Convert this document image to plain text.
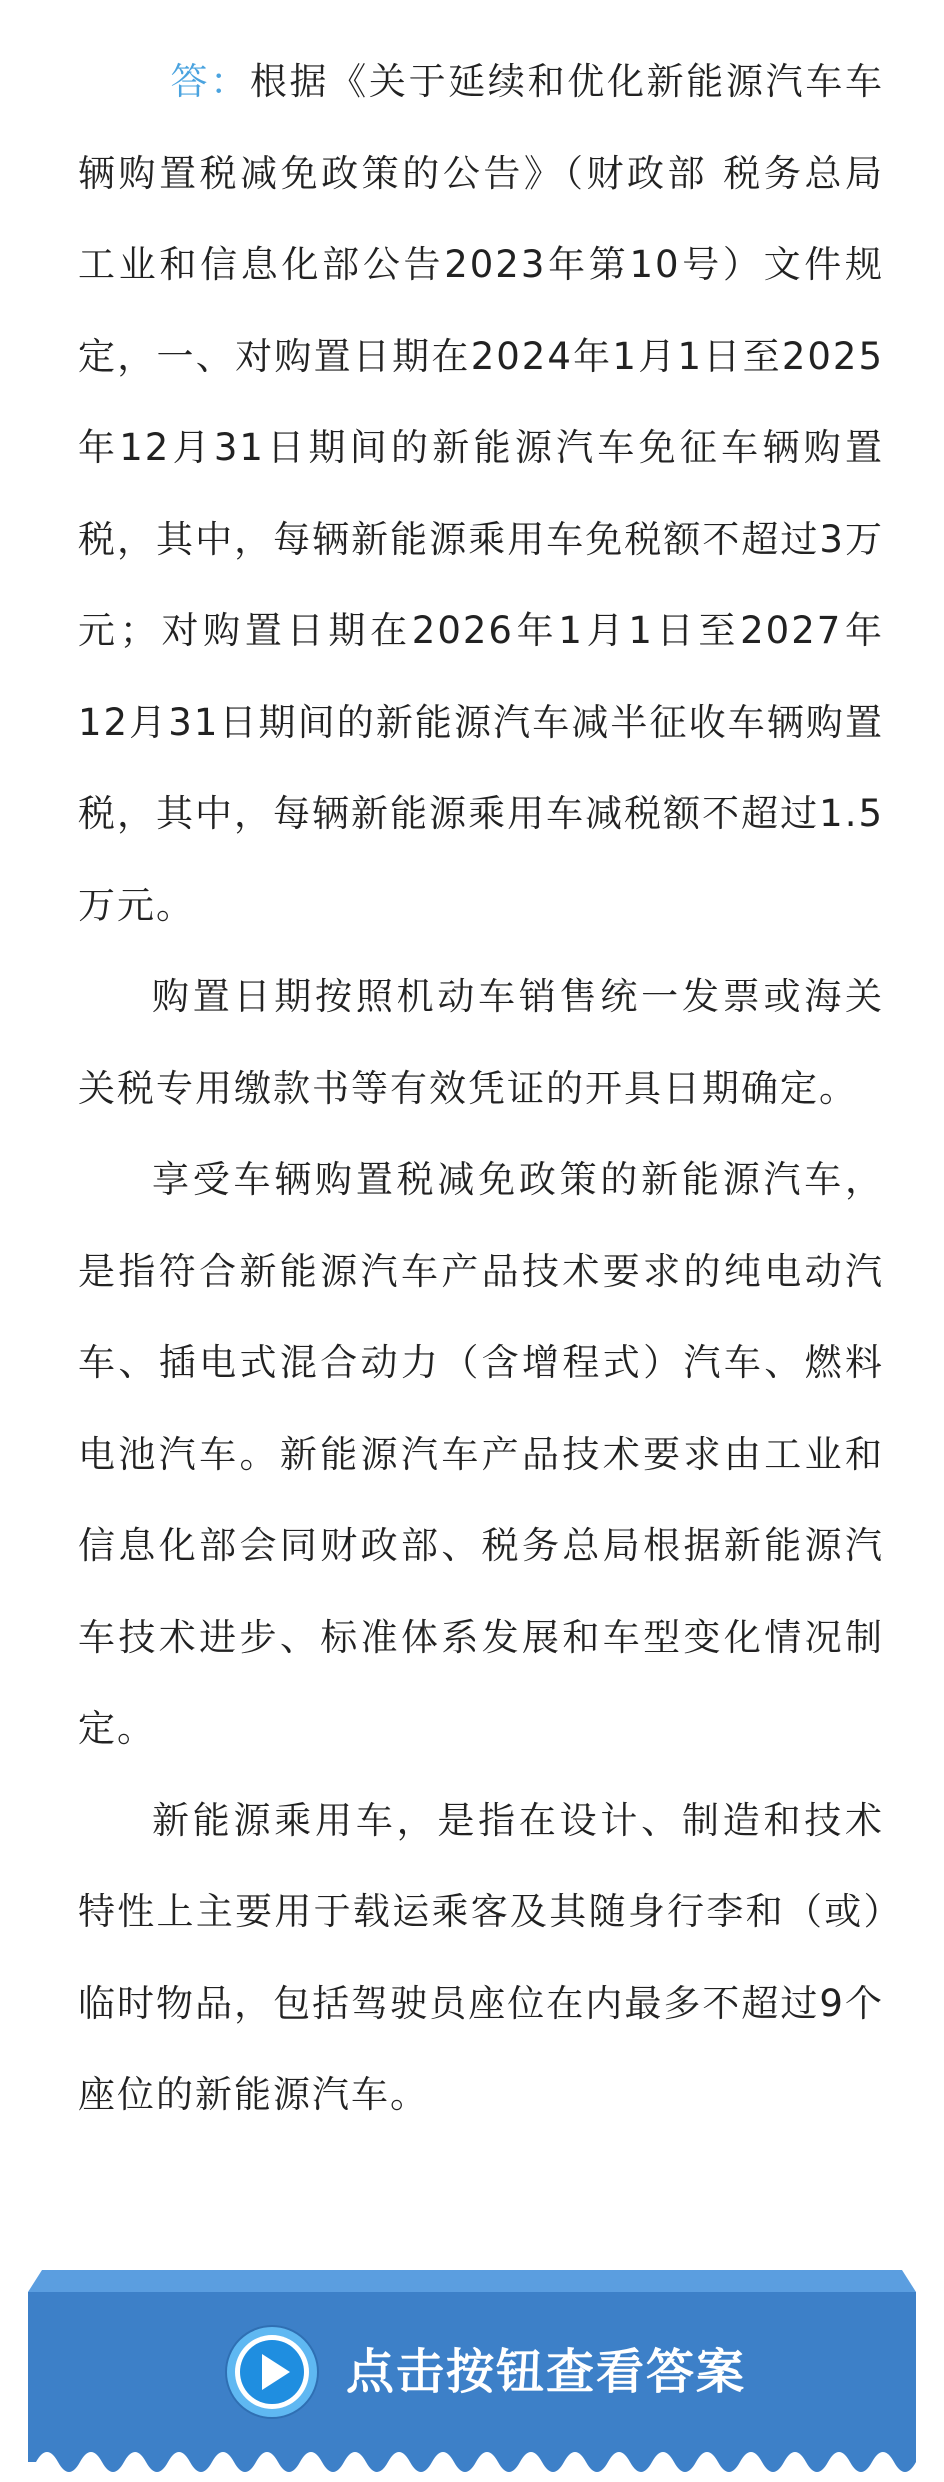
答：根据《关于延续和优化新能源汽车车辆购置税减免政策的公告》（财政部 税务总局　工业和信息化部公告2023年第10号）文件规定，一、对购置日期在2024年1月1日至2025年12月31日期间的新能源汽车免征车辆购置税，其中，每辆新能源乘用车免税额不超过3万元；对购置日期在2026年1月1日至2027年12月31日期间的新能源汽车减半征收车辆购置税，其中，每辆新能源乘用车减税额不超过1.5万元。

购置日期按照机动车销售统一发票或海关关税专用缴款书等有效凭证的开具日期确定。

享受车辆购置税减免政策的新能源汽车，是指符合新能源汽车产品技术要求的纯电动汽车、插电式混合动力（含增程式）汽车、燃料电池汽车。新能源汽车产品技术要求由工业和信息化部会同财政部、税务总局根据新能源汽车技术进步、标准体系发展和车型变化情况制定。

新能源乘用车，是指在设计、制造和技术特性上主要用于载运乘客及其随身行李和（或）临时物品，包括驾驶员座位在内最多不超过9个座位的新能源汽车。

点击按钮查看答案
